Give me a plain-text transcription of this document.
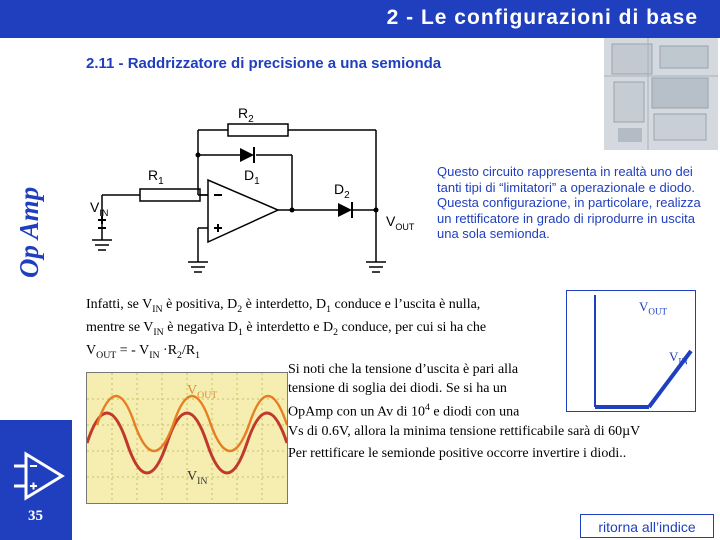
2 - Le configurazioni di base
Op Amp
35
2.11 - Raddrizzatore di precisione a una semionda
$R_2$
$R_1$	$D_1$	$D_2$
$V_{IN}$	$V_{OUT}$
Questo circuito rappresenta in realtà uno dei tanti tipi di “limitatori” a operazionale e diodo. Questa configurazione, in particolare, realizza un rettificatore in grado di riprodurre in uscita una sola semionda.
$V_{OUT}$
$V_{IN}$
Infatti, se $V_{IN}$ è positiva, $D_2$ è interdetto, $D_1$ conduce e l’uscita è nulla,
mentre se $V_{IN}$ è negativa $D_1$ è interdetto e $D_2$ conduce, per cui si ha che
$V_{OUT}$ = - $V_{IN} \cdot R_2/R_1$
$V_{OUT}$
$V_{IN}$
Si noti che la tensione d’uscita è pari alla
tensione di soglia dei diodi. Se si ha un
OpAmp con un Av di $10^4$ e diodi con una
Vs di 0.6V, allora la minima tensione rettificabile sarà di 60µV
Per rettificare le semionde positive occorre invertire i diodi..
ritorna all’indice
